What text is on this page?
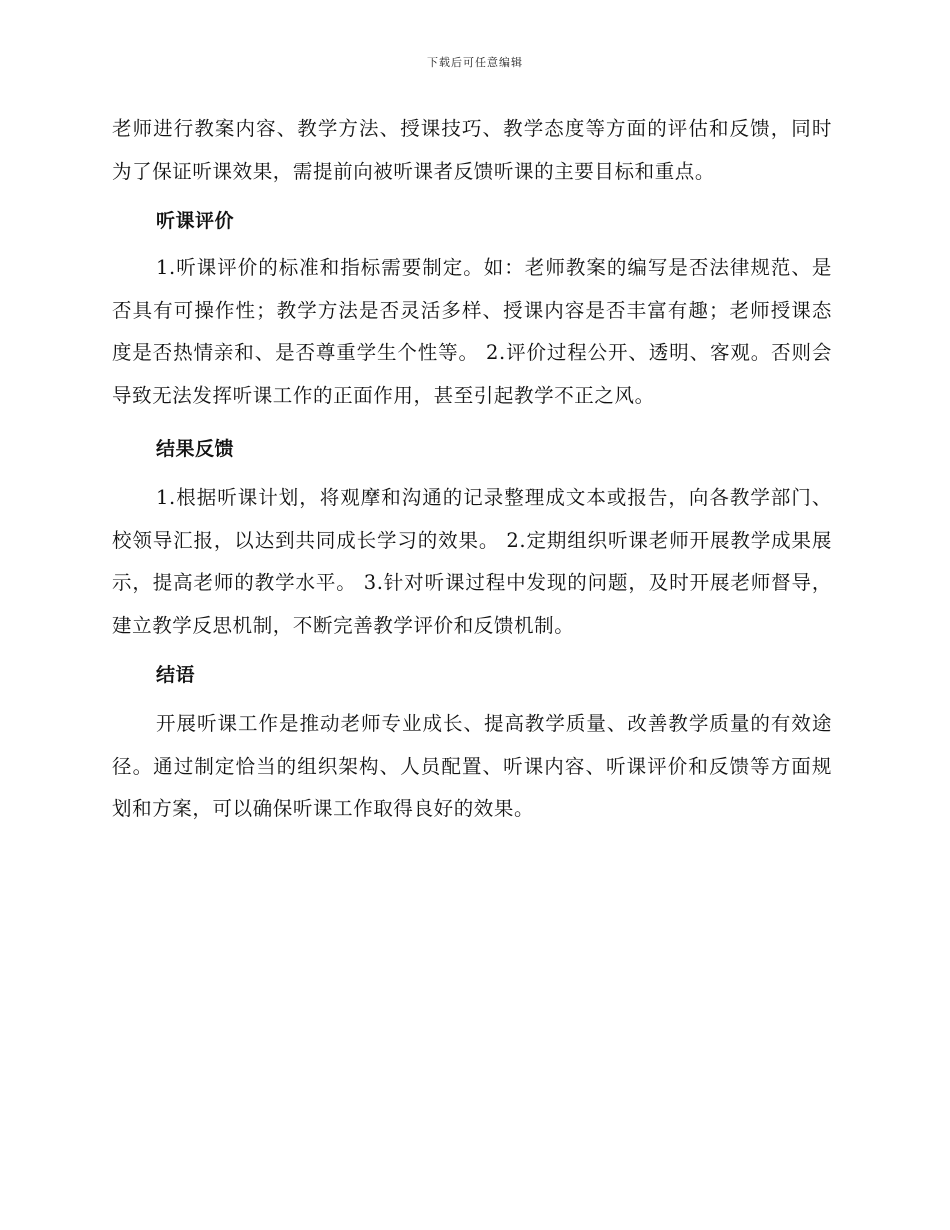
下载后可任意编辑

老师进行教案内容、教学方法、授课技巧、教学态度等方面的评估和反馈，同时为了保证听课效果，需提前向被听课者反馈听课的主要目标和重点。

听课评价

1.听课评价的标准和指标需要制定。如：老师教案的编写是否法律规范、是否具有可操作性；教学方法是否灵活多样、授课内容是否丰富有趣；老师授课态度是否热情亲和、是否尊重学生个性等。 2.评价过程公开、透明、客观。否则会导致无法发挥听课工作的正面作用，甚至引起教学不正之风。

结果反馈

1.根据听课计划，将观摩和沟通的记录整理成文本或报告，向各教学部门、校领导汇报，以达到共同成长学习的效果。 2.定期组织听课老师开展教学成果展示，提高老师的教学水平。 3.针对听课过程中发现的问题，及时开展老师督导，建立教学反思机制，不断完善教学评价和反馈机制。

结语

开展听课工作是推动老师专业成长、提高教学质量、改善教学质量的有效途径。通过制定恰当的组织架构、人员配置、听课内容、听课评价和反馈等方面规划和方案，可以确保听课工作取得良好的效果。
